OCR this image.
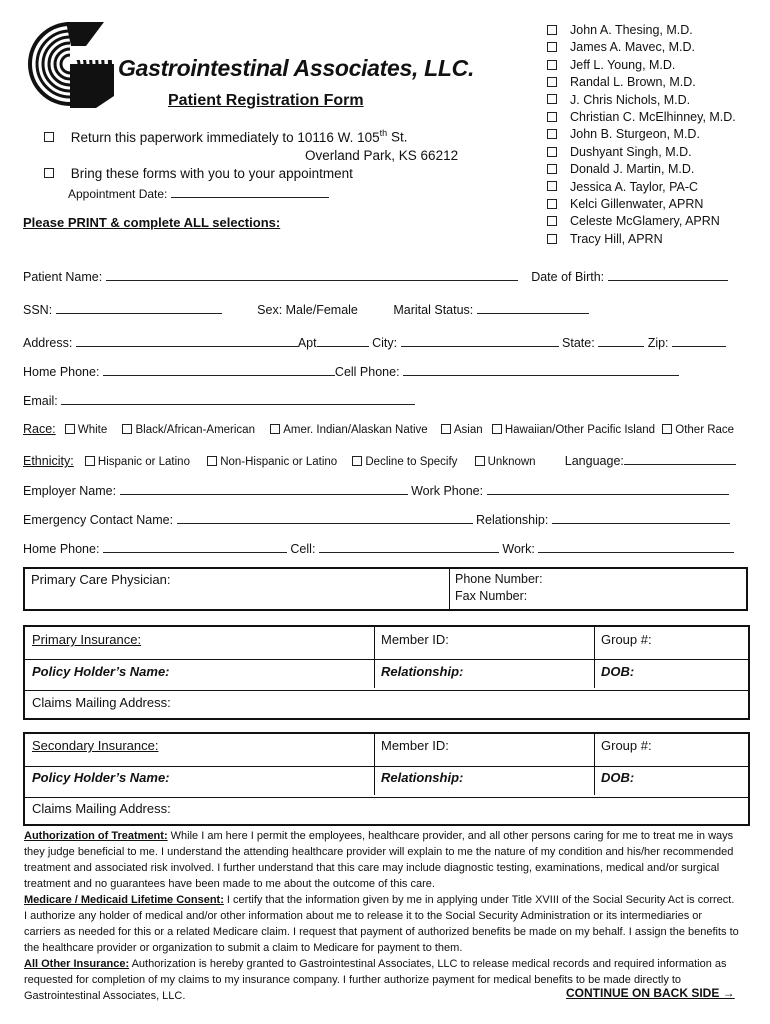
Gastrointestinal Associates, LLC.
Patient Registration Form
Return this paperwork immediately to 10116 W. 105th St.
Overland Park, KS 66212
Bring these forms with you to your appointment
Appointment Date:
Please PRINT & complete ALL selections:
John A. Thesing, M.D.
James A. Mavec, M.D.
Jeff L. Young, M.D.
Randal L. Brown, M.D.
J. Chris Nichols, M.D.
Christian C. McElhinney, M.D.
John B. Sturgeon, M.D.
Dushyant Singh, M.D.
Donald J. Martin, M.D.
Jessica A. Taylor, PA-C
Kelci Gillenwater, APRN
Celeste McGlamery, APRN
Tracy Hill, APRN
Patient Name:	Date of Birth:
SSN:	Sex: Male/Female	Marital Status:
Address:	Apt	City:	State:	Zip:
Home Phone:	Cell Phone:
Email:
Race: White Black/African-American Amer. Indian/Alaskan Native Asian Hawaiian/Other Pacific Island Other Race
Ethnicity: Hispanic or Latino	Non-Hispanic or Latino Decline to Specify	Unknown Language:
Employer Name:	Work Phone:
Emergency Contact Name:	Relationship:
Home Phone:	Cell:	Work:
Primary Care Physician:	Phone Number:
Fax Number:
Primary Insurance:	Member ID:	Group #:
Policy Holder’s Name:	Relationship:	DOB:
Claims Mailing Address:
Secondary Insurance:	Member ID:	Group #:
Policy Holder’s Name:	Relationship:	DOB:
Claims Mailing Address:

Authorization of Treatment: While I am here I permit the employees, healthcare provider, and all other persons caring for me to treat me in ways they judge beneficial to me. I understand the attending healthcare provider will explain to me the nature of my condition and his/her recommended treatment and associated risk involved. I further understand that this care may include diagnostic testing, examinations, medical and/or surgical treatment and no guarantees have been made to me about the outcome of this care.

Medicare / Medicaid Lifetime Consent: I certify that the information given by me in applying under Title XVIII of the Social Security Act is correct. I authorize any holder of medical and/or other information about me to release it to the Social Security Administration or its intermediaries or carriers as needed for this or a related Medicare claim. I request that payment of authorized benefits be made on my behalf. I assign the benefits to the healthcare provider or organization to submit a claim to Medicare for payment to them.

All Other Insurance: Authorization is hereby granted to Gastrointestinal Associates, LLC to release medical records and required information as requested for completion of my claims to my insurance company. I further authorize payment for medical benefits to be made directly to Gastrointestinal Associates, LLC.	CONTINUE ON BACK SIDE →
